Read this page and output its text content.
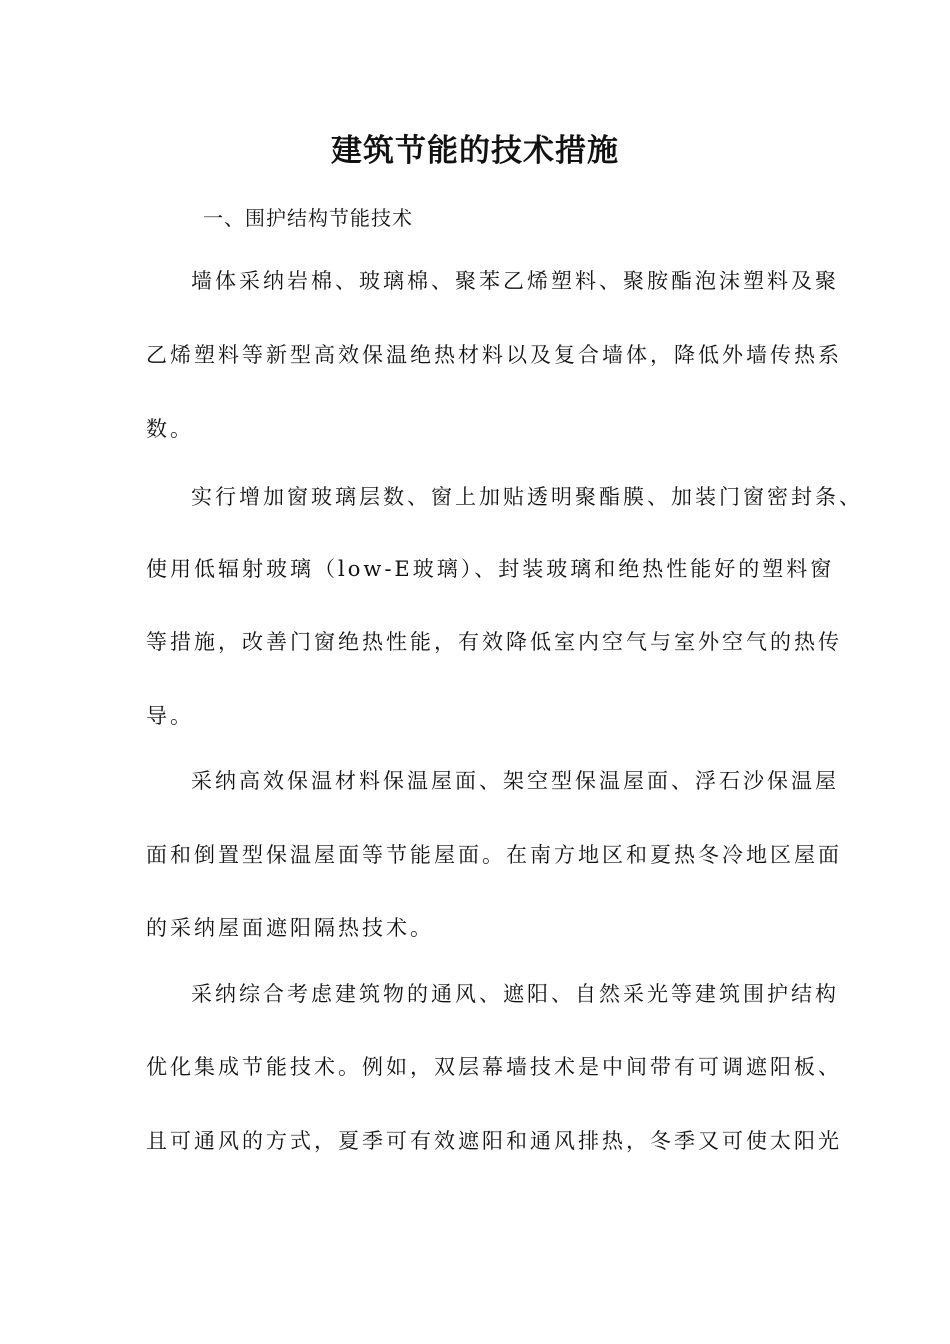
建筑节能的技术措施

一、围护结构节能技术

墙体采纳岩棉、玻璃棉、聚苯乙烯塑料、聚胺酯泡沫塑料及聚

乙烯塑料等新型高效保温绝热材料以及复合墙体，降低外墙传热系

数。

实行增加窗玻璃层数、窗上加贴透明聚酯膜、加装门窗密封条、

使用低辐射玻璃（low-E玻璃）、封装玻璃和绝热性能好的塑料窗

等措施，改善门窗绝热性能，有效降低室内空气与室外空气的热传

导。

采纳高效保温材料保温屋面、架空型保温屋面、浮石沙保温屋

面和倒置型保温屋面等节能屋面。在南方地区和夏热冬冷地区屋面

的采纳屋面遮阳隔热技术。

采纳综合考虑建筑物的通风、遮阳、自然采光等建筑围护结构

优化集成节能技术。例如，双层幕墙技术是中间带有可调遮阳板、

且可通风的方式，夏季可有效遮阳和通风排热，冬季又可使太阳光
